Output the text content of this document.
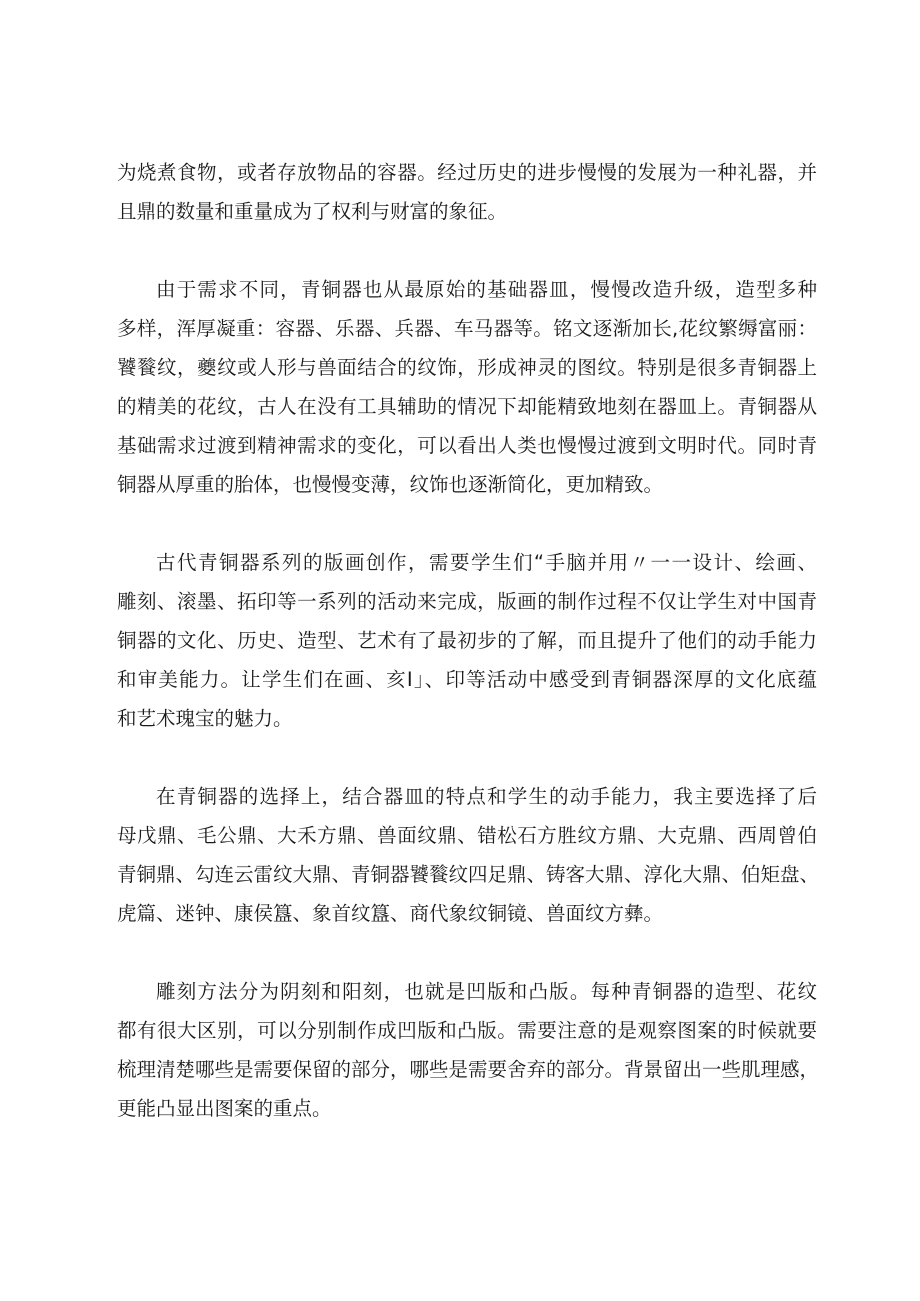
为烧煮食物，或者存放物品的容器。经过历史的进步慢慢的发展为一种礼器，并
且鼎的数量和重量成为了权利与财富的象征。

由于需求不同，青铜器也从最原始的基础器皿，慢慢改造升级，造型多种
多样，浑厚凝重：容器、乐器、兵器、车马器等。铭文逐渐加长,花纹繁缛富丽：
饕餮纹，夔纹或人形与兽面结合的纹饰，形成神灵的图纹。特别是很多青铜器上
的精美的花纹，古人在没有工具辅助的情况下却能精致地刻在器皿上。青铜器从
基础需求过渡到精神需求的变化，可以看出人类也慢慢过渡到文明时代。同时青
铜器从厚重的胎体，也慢慢变薄，纹饰也逐渐简化，更加精致。

古代青铜器系列的版画创作，需要学生们“手脑并用〃一一设计、绘画、
雕刻、滚墨、拓印等一系列的活动来完成，版画的制作过程不仅让学生对中国青
铜器的文化、历史、造型、艺术有了最初步的了解，而且提升了他们的动手能力
和审美能力。让学生们在画、亥I」、印等活动中感受到青铜器深厚的文化底蕴
和艺术瑰宝的魅力。

在青铜器的选择上，结合器皿的特点和学生的动手能力，我主要选择了后
母戊鼎、毛公鼎、大禾方鼎、兽面纹鼎、错松石方胜纹方鼎、大克鼎、西周曾伯
青铜鼎、勾连云雷纹大鼎、青铜器饕餮纹四足鼎、铸客大鼎、淳化大鼎、伯矩盘、
虎篇、迷钟、康侯簋、象首纹簋、商代象纹铜镜、兽面纹方彝。

雕刻方法分为阴刻和阳刻，也就是凹版和凸版。每种青铜器的造型、花纹
都有很大区别，可以分别制作成凹版和凸版。需要注意的是观察图案的时候就要
梳理清楚哪些是需要保留的部分，哪些是需要舍弃的部分。背景留出一些肌理感，
更能凸显出图案的重点。
